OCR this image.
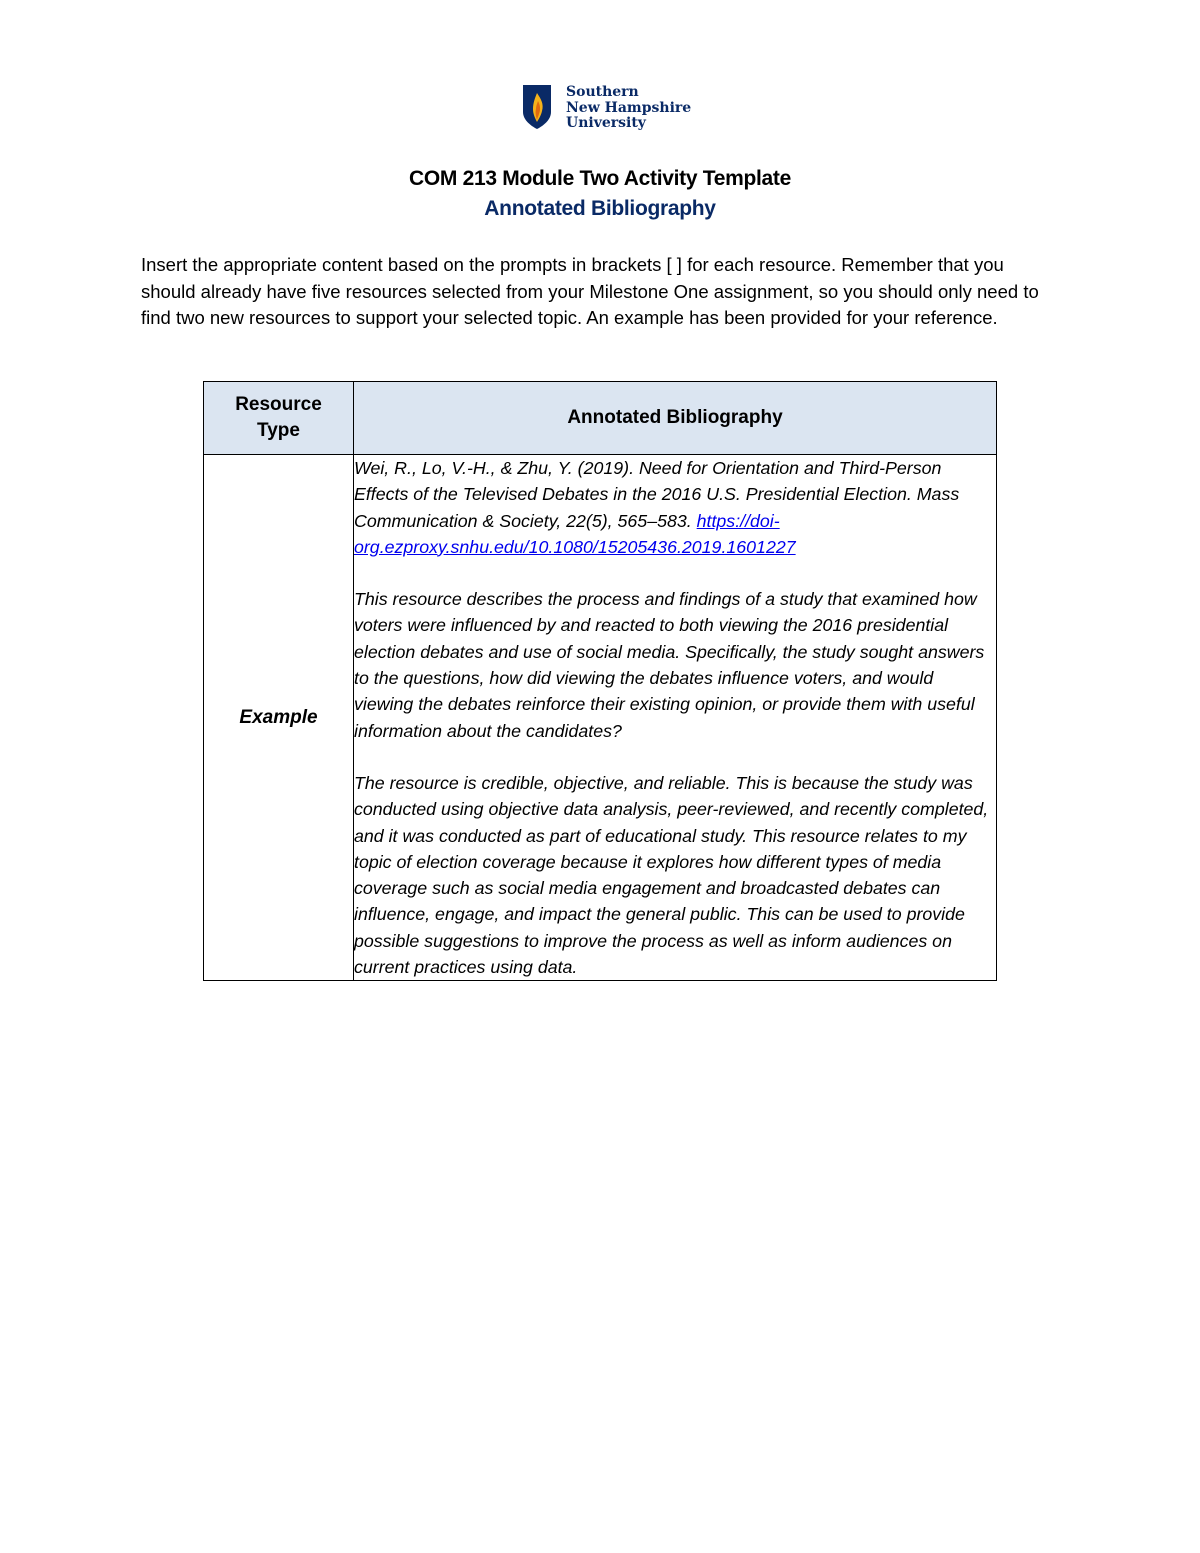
Southern
New Hampshire
University
COM 213 Module Two Activity Template
Annotated Bibliography

Insert the appropriate content based on the prompts in brackets [ ] for each resource. Remember that you should already have five resources selected from your Milestone One assignment, so you should only need to find two new resources to support your selected topic. An example has been provided for your reference.

Resource Type	Annotated Bibliography
Example	Wei, R., Lo, V.-H., & Zhu, Y. (2019). Need for Orientation and Third-Person Effects of the Televised Debates in the 2016 U.S. Presidential Election. Mass Communication & Society, 22(5), 565–583. https://doi-org.ezproxy.snhu.edu/10.1080/15205436.2019.1601227

This resource describes the process and findings of a study that examined how voters were influenced by and reacted to both viewing the 2016 presidential election debates and use of social media. Specifically, the study sought answers to the questions, how did viewing the debates influence voters, and would viewing the debates reinforce their existing opinion, or provide them with useful information about the candidates?

The resource is credible, objective, and reliable. This is because the study was conducted using objective data analysis, peer-reviewed, and recently completed, and it was conducted as part of educational study. This resource relates to my topic of election coverage because it explores how different types of media coverage such as social media engagement and broadcasted debates can influence, engage, and impact the general public. This can be used to provide possible suggestions to improve the process as well as inform audiences on current practices using data.
